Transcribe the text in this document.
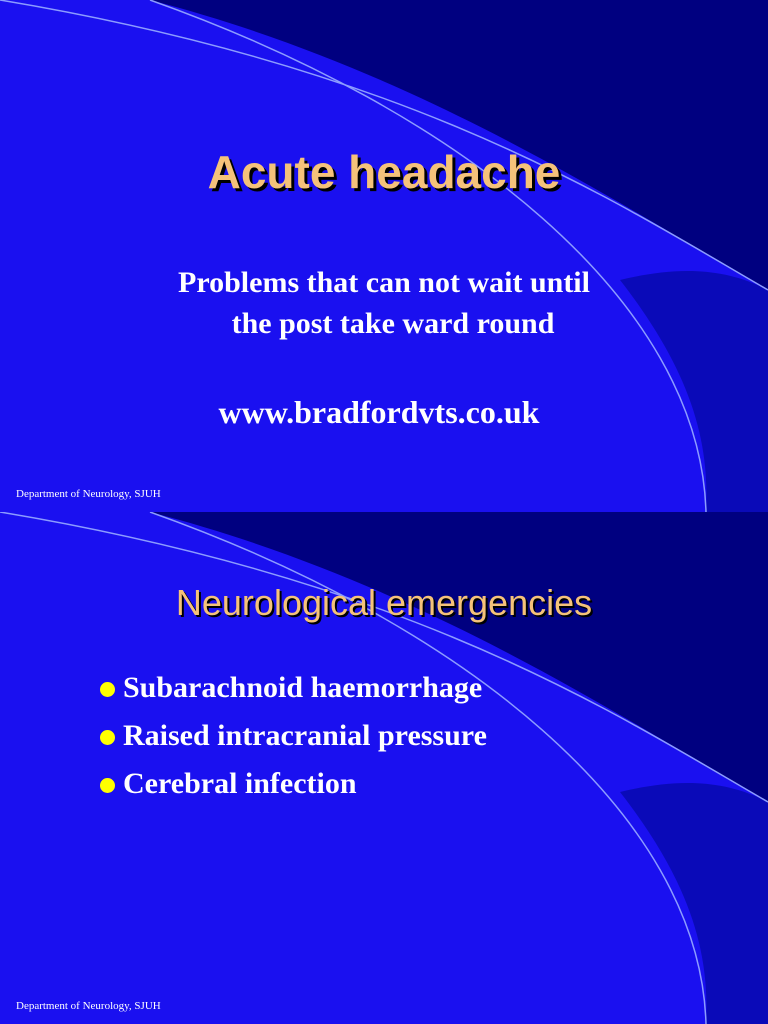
Acute headache
Problems that can not wait until
the post take ward round
www.bradfordvts.co.uk
Department of Neurology, SJUH
Neurological emergencies
Subarachnoid haemorrhage
Raised intracranial pressure
Cerebral infection
Department of Neurology, SJUH
